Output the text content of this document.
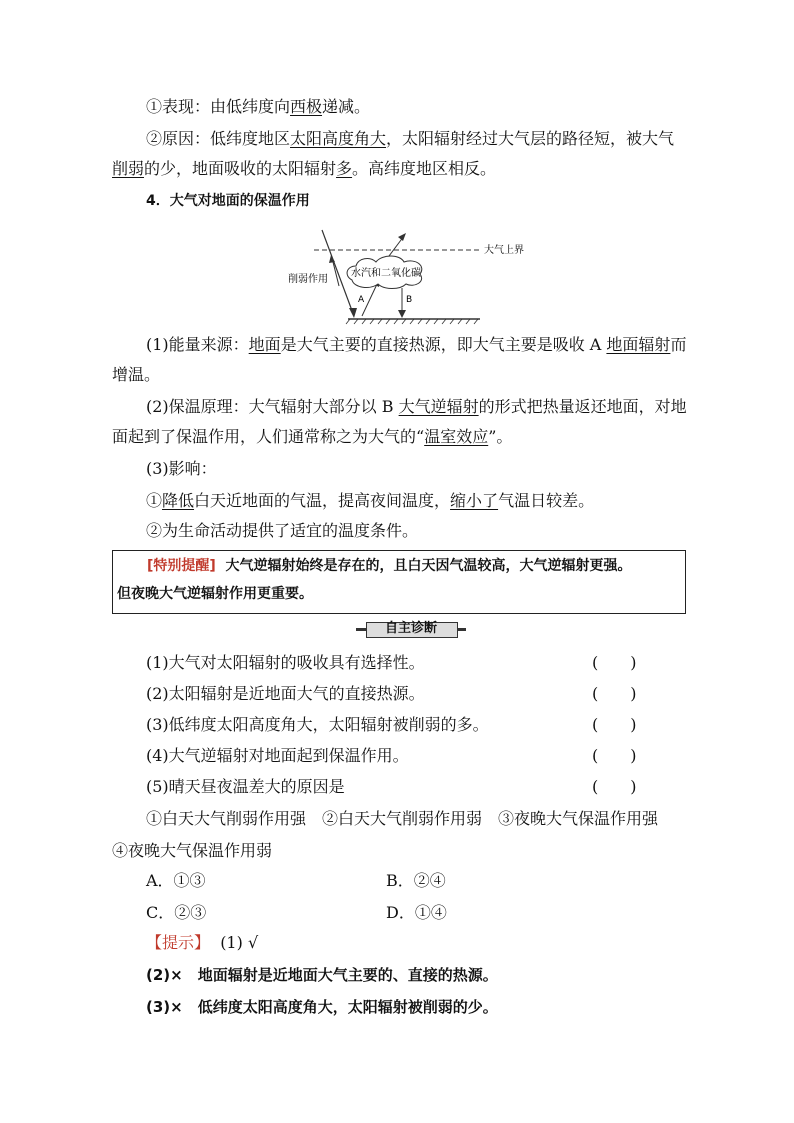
①表现：由低纬度向西极递减。
②原因：低纬度地区太阳高度角大，太阳辐射经过大气层的路径短，被大气
削弱的少，地面吸收的太阳辐射多。高纬度地区相反。
4．大气对地面的保温作用
水汽和二氧化碳
大气上界
削弱作用
A	B
(1)能量来源：地面是大气主要的直接热源，即大气主要是吸收 A 地面辐射而
增温。
(2)保温原理：大气辐射大部分以 B 大气逆辐射的形式把热量返还地面，对地
面起到了保温作用，人们通常称之为大气的“温室效应”。
(3)影响：
①降低白天近地面的气温，提高夜间温度，缩小了气温日较差。
②为生命活动提供了适宜的温度条件。
[特别提醒] 大气逆辐射始终是存在的，且白天因气温较高，大气逆辐射更强。
但夜晚大气逆辐射作用更重要。
自主诊断
(1)大气对太阳辐射的吸收具有选择性。	(　　)
(2)太阳辐射是近地面大气的直接热源。	(　　)
(3)低纬度太阳高度角大，太阳辐射被削弱的多。	(　　)
(4)大气逆辐射对地面起到保温作用。	(　　)
(5)晴天昼夜温差大的原因是	(　　)
①白天大气削弱作用强　②白天大气削弱作用弱　③夜晚大气保温作用强
④夜晚大气保温作用弱
A．①③	B．②④
C．②③	D．①④
【提示】 (1) √
(2)×　地面辐射是近地面大气主要的、直接的热源。
(3)×　低纬度太阳高度角大，太阳辐射被削弱的少。
